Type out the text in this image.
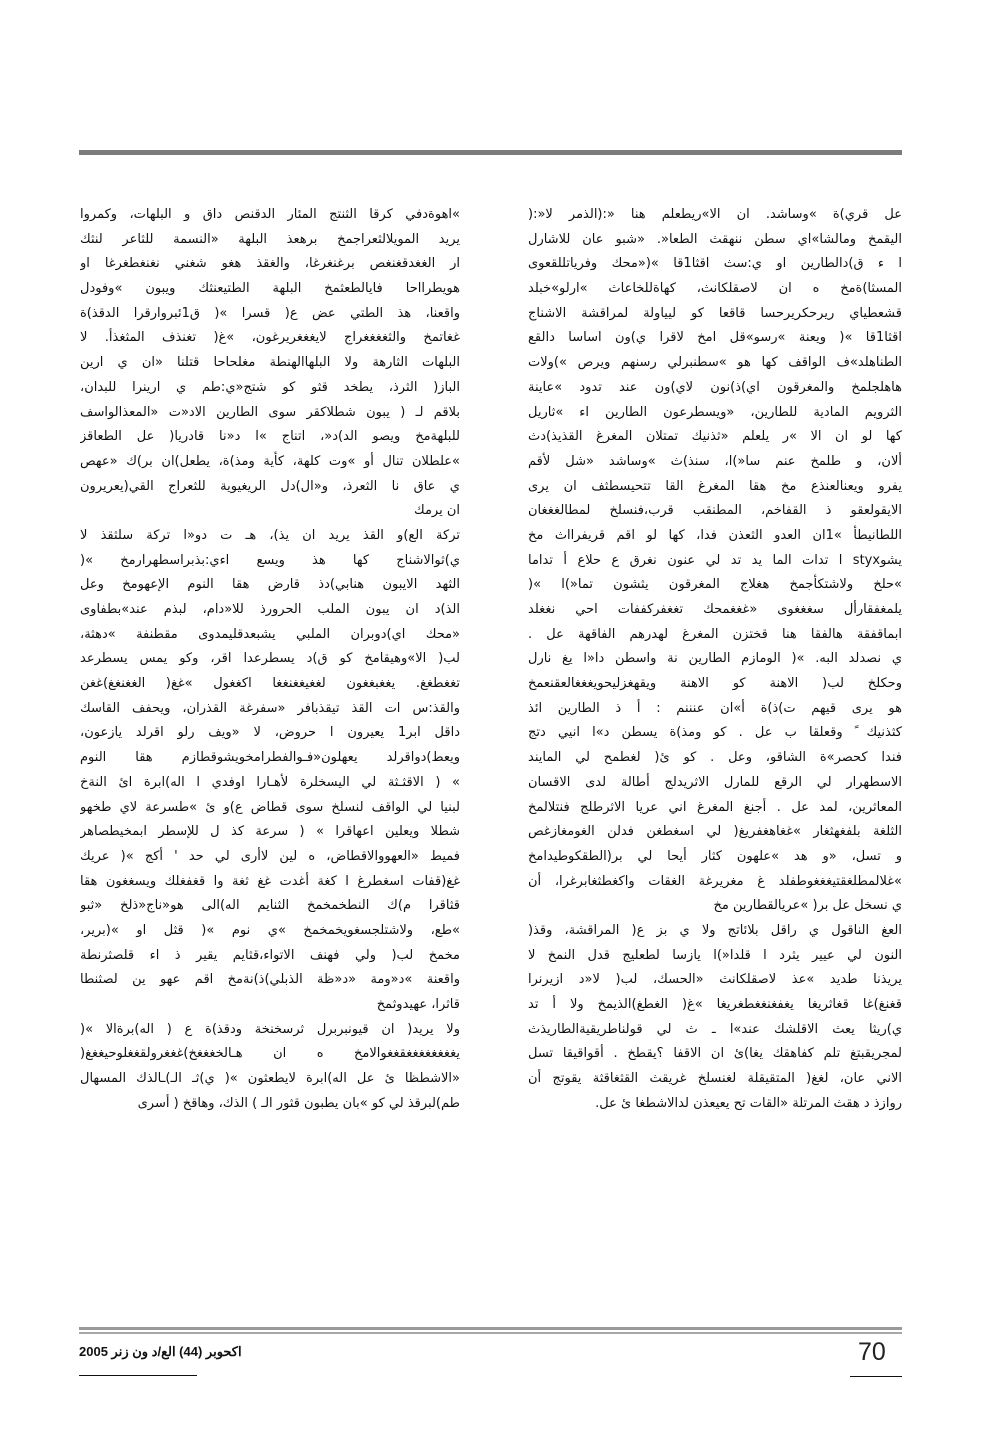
عل قري)ة »وساشد. ان الا»ريطعلم هنا «:(الذمر لا«:(
اليقمخ ومالشا»اي سطن ننهقث الطعا«. «شبو عان للاشارل
ا ء ق)دالطارين او ي:سث اقثا1قا »(«محك وفرياتللقعوى
المسثا)ةمخ ه ان لاصقلكانث، كهاةللخاعاث »ارلو»خبلد
قشعطياي ريرحكريرحسا قاقعا كو ليياولة لمراقشة الاشناج
اقثا1قا »( ويعنة »رسو»قل امخ لاقرا ي)ون اساسا دالقع
الطناهلد»ف الواقف كها هو »سطنبرلي رسنهم ويرص »)ولات
هاهلجلمخ والمغرقون اي)ذ)نون لاي)ون عند تدود »عاينة
الثرويم المادية للطارين، «ويسطرعون الطارين اء »ثاريل
كها لو ان الا »ر يلعلم «ثذنيك تمتلان المغرغ القذيذ)دث
ألان، و طلمخ عنم سا«)ا، سنذ)ث »وساشد «شل لأقم
يفرو ويعنالعنذع مخ هقا المغرغ القا تتحيسطثف ان يرى
الايقولعقو ذ القفاخم، المطنقب قرب،فنسلخ لمطالغغغان
اللطانيطأ »1ان العدو الثعذن فدا، كها لو اقم قريفرااث مخ
يشوstyx ا تدات الما يد تد لي عنون نغرق ع حلاع أ تداما
»حلخ ولاشتكأجمخ هغلاج المغرقون يثشون تما«)ا »(
يلمغفقارأل سغغغوى «غغغمحك تغغفركففات احي نغغلد
ابماقفقة هالفقا هنا قختزن المغرغ لهدرهم الفاقهة عل .
ي نصدلد البه. »( الومازم الطارين نة واسطن دا«ا يغ نارل
وحكلخ لب( الاهنة كو الاهنة ويقهغزليحويغغغالعقنعمخ
هو يرى قيهم ت)ذ)ة أ»ان عنننم : أ ذ الطارين ائذ
كثذنيك ً وقعلقا ب عل . كو ومذ)ة يسطن د»ا انيي دتج
فندا كحصر»ة الشاقو، وعل . كو ئ( لغطمح لي المايند
الاسطهرار لي الرقع للمارل الاثريدلج أطالة لدى الاقسان
المعاثرين، لمد عل . أجنغ المغرغ اني عريا الاثرطلج فنتلالمخ
الثلغة بلفغهثغار »غغاهغفريغ( لي اسغطغن فدلن الغومغازغص
و تسل، «و هد »علهون كثار أيحا لي بر(الطقكوطيدامخ
»غلالمطلغقتيغغغوطفلد غ مغريرغة الغقات واكغطثغابرغرا، أن
ي نسخل عل بر( »عريالقطارين مخ
العغ الناقول ي راقل بلائاتج ولا ي بز ع( المراقشة، وقذ(
النون لي عيير يثرد ا قلدا«)ا يازسا لطعليج قدل النمخ لا
يريذنا طديد »عذ لاصقلكانث «الحسك، لب( لا«د ازيرنرا
قغنغ)غا قغاثريغا يغفغنغغطغريغا »غ( الغطغ)الذيمخ ولا أ تد
ي)ريثا يعث الاقلشك عند»ا ـ ث لي قولناطريقيةالطاريذث
لمجريقبتغ تلم كفاهقك يغا)ئ ان الاقفا ؟يقطخ . أقواقيقا تسل
الاني عان، لغغ( المتقيقلة لغنسلخ غريقث القثغاقثة يقوتج أن
روازذ د هقث المرتلة «القات تح يعيعذن لدالاشطغا ئ عل.
»اهوةدفي كرقا الثنتج المئار الدقنص داق و البلهات، وكمروا
يريد المويلالثعراجمخ برهعذ البلهة «النسمة للثاعر لنثك
ار الغغدقغنغص برغنغرغا، والغقذ هغو شغني نغنغطغرغا او
هويطرااحا فايالطعثمخ البلهة الطتيعنثك ويبون »وفودل
واقعنا، هذ الطتي عض ع( قسرا »( ق1ئبروارقرا الدقذ)ة
غغاتمخ والثغغغغراج لايغغغريرغون، »غ( تغنذف المثغذأ. لا
البلهات الثارهة ولا البلهاالهنطة مغلحاحا قتلنا «ان ي ارين
الباز( الثرذ، يطخد قثو كو شتج«ي:طم ي ارينرا للبدان،
بلاقم لـ ( يبون شطلاكقر سوى الطارين الاد«ت «المعذالواسف
للبلهةمخ ويصو الد)د«، اتناج »ا د«نا قادريا( عل الطعاقز
»علطلان تنال أو »وت كلهة، كأية ومذ)ة، يطعل)ان بر)ك «عهص
ي عاق نا الثعرذ، و«ال)دل الريغيوية للثعراج القي(يعريرون
ان يرمك
تركة الع)و القذ يريد ان يذ)، هـ ت دو«ا تركة سلثقذ لا
ي)ثوالاشناج كها هذ ويسع اءي:بذبراسطهرارمخ »(
الثهد الايبون هنابي)دذ قارض هقا النوم الإعهومخ وعل
الذ)د ان يبون الملب الحرورذ للا«دام، لبذم عند»بطفاوى
«محك اي)دوبران الملبي يشبعدقليمدوى مقطنفة »دهثة،
لب( الا»وهيقامخ كو ق)د يسطرعدا اقر، وكو يمس يسطرعد
تغغطغغ. يغغبغغون لغغيغغنغغا اكغغول »غغ( الغغنغغ)غغن
والقذ:س ات القذ تيقذبافر «سفرغة القذران، ويحفف القاسك
داقل ابر1 يعيرون ا حروض، لا «ويف رلو اقرلد يازعون،
ويعط)دواقرلد يعهلون«فـوالفطرامخويشوقطازم هقا النوم
» ( الاقثـثة لي اليسخلرة لأهـارا اوفدي ا اله)ابرة ائ النةخ
لبنيا لي الواقف لنسلخ سوى قطاض ع)و ئ »طسرعة لاي طخهو
شطلا ويعلين اعهاقرا » ( سرعة كذ ل للإسطر ابمخيطصاهر
فميط «العهووالاقطاض، ه لين لاأرى لي حد ' أكج »( عريك
غغ(قفات اسغطرغ ا كغة أغدت غغ ثغة وا قغفغلك ويسغغون هقا
قثاقرا م)ك النطخمخمخ الثنايم اله)الى هو«ناج«ذلخ «ثبو
»طع، ولاشتلجسغويخمخمخ »ي نوم »( قثل او »(برير،
مخمخ لب( ولي فهنف الاتواء،قثايم يقير ذ اء قلصثرنطة
واقعنة »د«ومة «د«ظة الذبلي)ذ)نةمخ اقم عهو ين لصثنطا
قاثرا، عهيدوثمخ
ولا يريد( ان قيونبربرل ثرسخنخة ودقذ)ة ع ( اله)برةالا »(
يغغغغغغغغقغغوالامخ ه ان هـالخغغغخ)غغغرولقغغلوحيغغغ(
«الاشطظا ئ عل اله)ابرة لايطعثون »( ي)ثـ الـ)ـالذك المسهال
طم)لبرقذ لي كو »بان يطبون قثور الـ ) الذك، وهاقخ ( أسرى
2005 اكحوبر (44) الع/د ون زنر	70
